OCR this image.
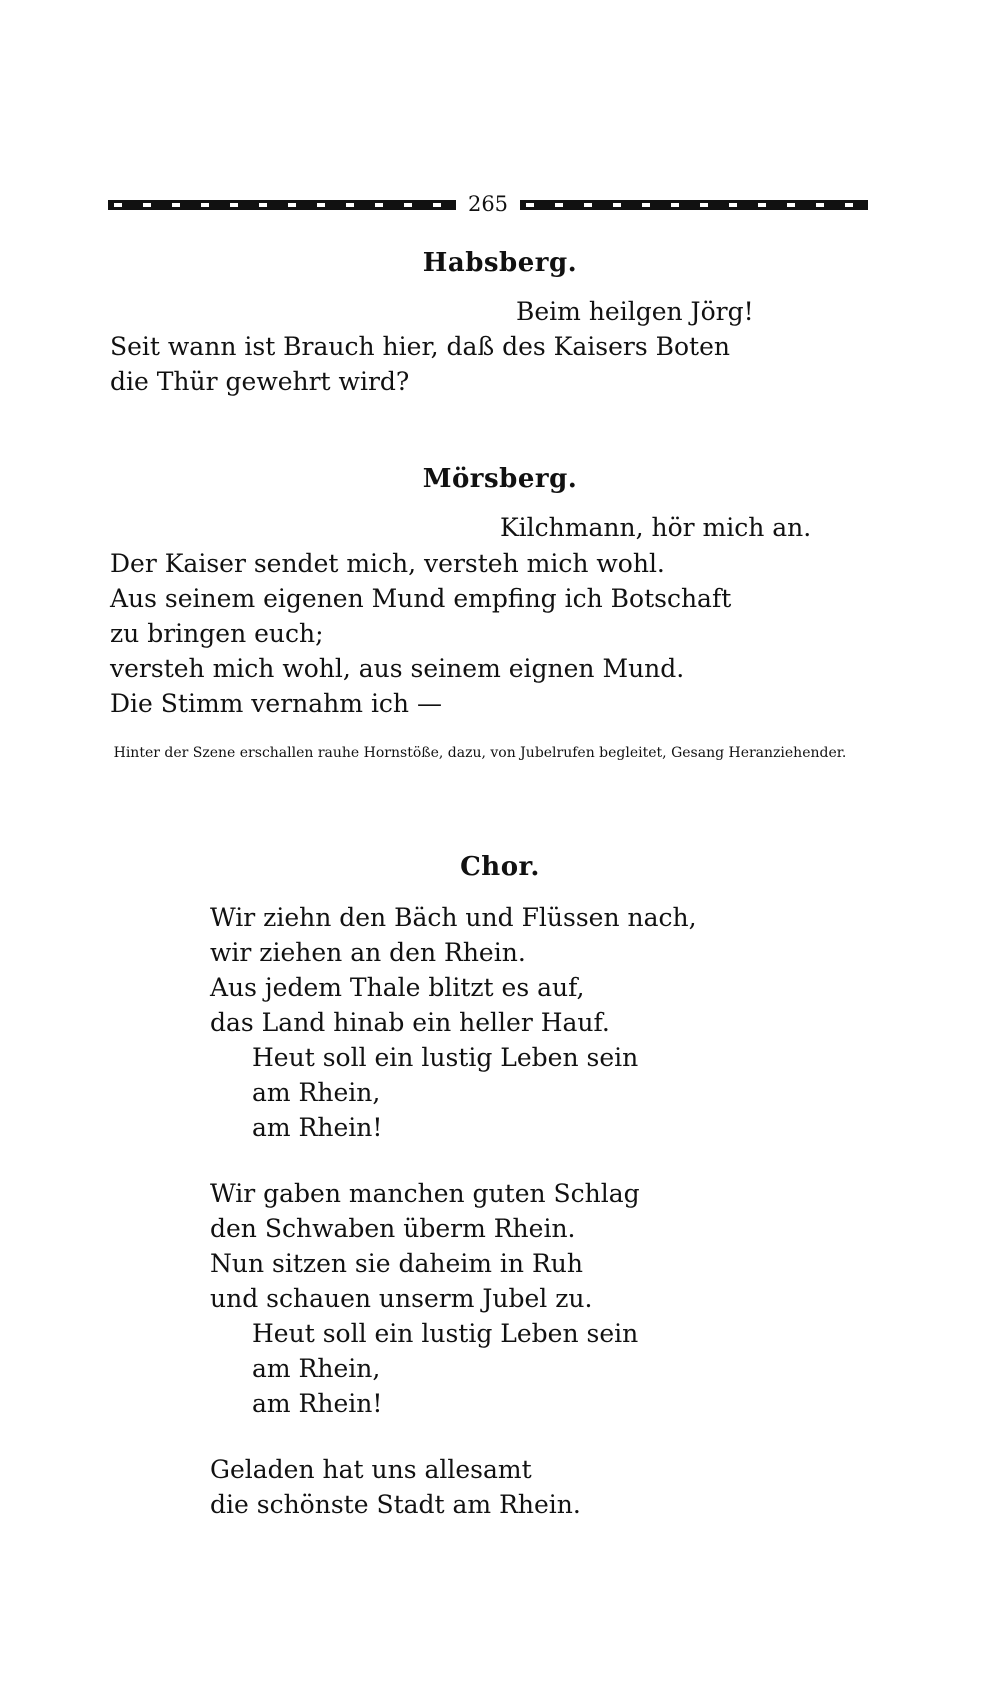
265
Habsberg.
Beim heilgen Jörg!
Seit wann ist Brauch hier, daß des Kaisers Boten
die Thür gewehrt wird?
Mörsberg.
Kilchmann, hör mich an.
Der Kaiser sendet mich, versteh mich wohl.
Aus seinem eigenen Mund empfing ich Botschaft
zu bringen euch;
versteh mich wohl, aus seinem eignen Mund.
Die Stimm vernahm ich —
Hinter der Szene erschallen rauhe Hornstöße, dazu, von Jubelrufen begleitet, Gesang Heranziehender.
Chor.
Wir ziehn den Bäch und Flüssen nach,
wir ziehen an den Rhein.
Aus jedem Thale blitzt es auf,
das Land hinab ein heller Hauf.
Heut soll ein lustig Leben sein
am Rhein,
am Rhein!
Wir gaben manchen guten Schlag
den Schwaben überm Rhein.
Nun sitzen sie daheim in Ruh
und schauen unserm Jubel zu.
Heut soll ein lustig Leben sein
am Rhein,
am Rhein!
Geladen hat uns allesamt
die schönste Stadt am Rhein.
